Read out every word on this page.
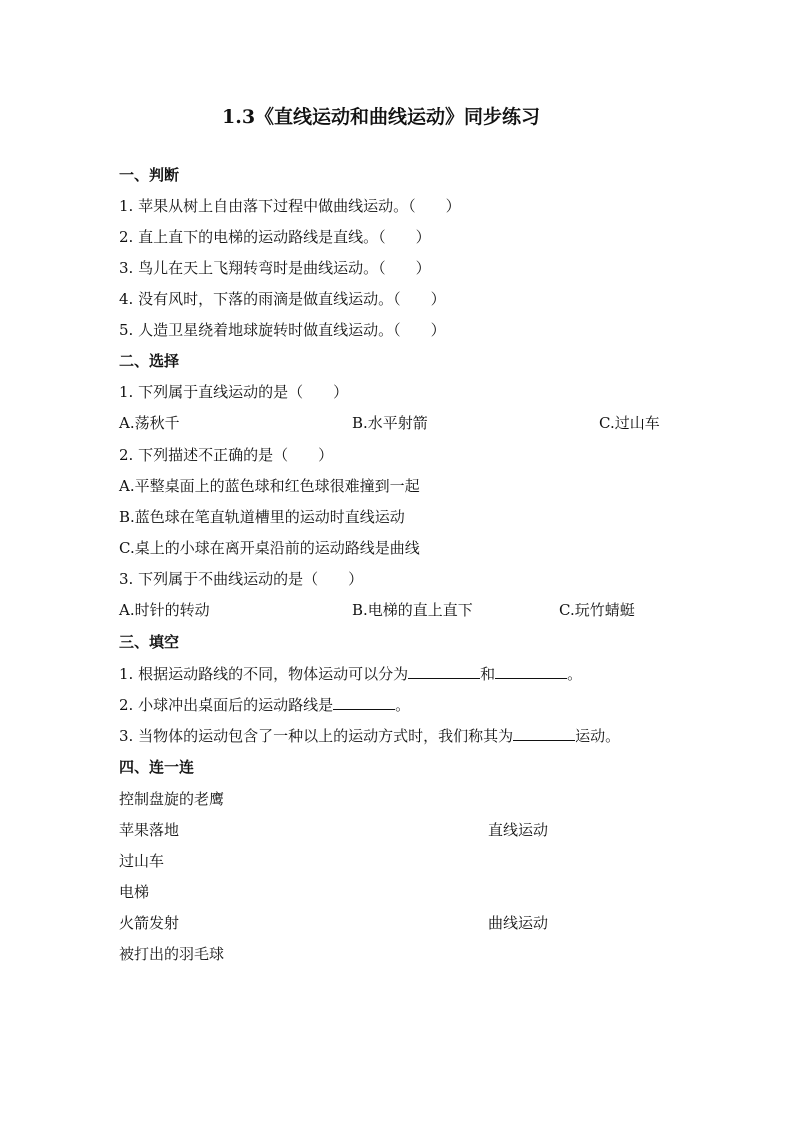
1.3《直线运动和曲线运动》同步练习
一、判断
1. 苹果从树上自由落下过程中做曲线运动。（　　）
2. 直上直下的电梯的运动路线是直线。（　　）
3. 鸟儿在天上飞翔转弯时是曲线运动。（　　）
4. 没有风时，下落的雨滴是做直线运动。（　　）
5. 人造卫星绕着地球旋转时做直线运动。（　　）
二、选择
1. 下列属于直线运动的是（　　）
A.荡秋千	B.水平射箭	C.过山车
2. 下列描述不正确的是（　　）
A.平整桌面上的蓝色球和红色球很难撞到一起
B.蓝色球在笔直轨道槽里的运动时直线运动
C.桌上的小球在离开桌沿前的运动路线是曲线
3. 下列属于不曲线运动的是（　　）
A.时针的转动	B.电梯的直上直下	C.玩竹蜻蜓
三、填空
1. 根据运动路线的不同，物体运动可以分为	和	。
2. 小球冲出桌面后的运动路线是	。
3. 当物体的运动包含了一种以上的运动方式时，我们称其为	运动。
四、连一连
控制盘旋的老鹰
苹果落地
过山车
电梯
火箭发射
被打出的羽毛球
直线运动
曲线运动
